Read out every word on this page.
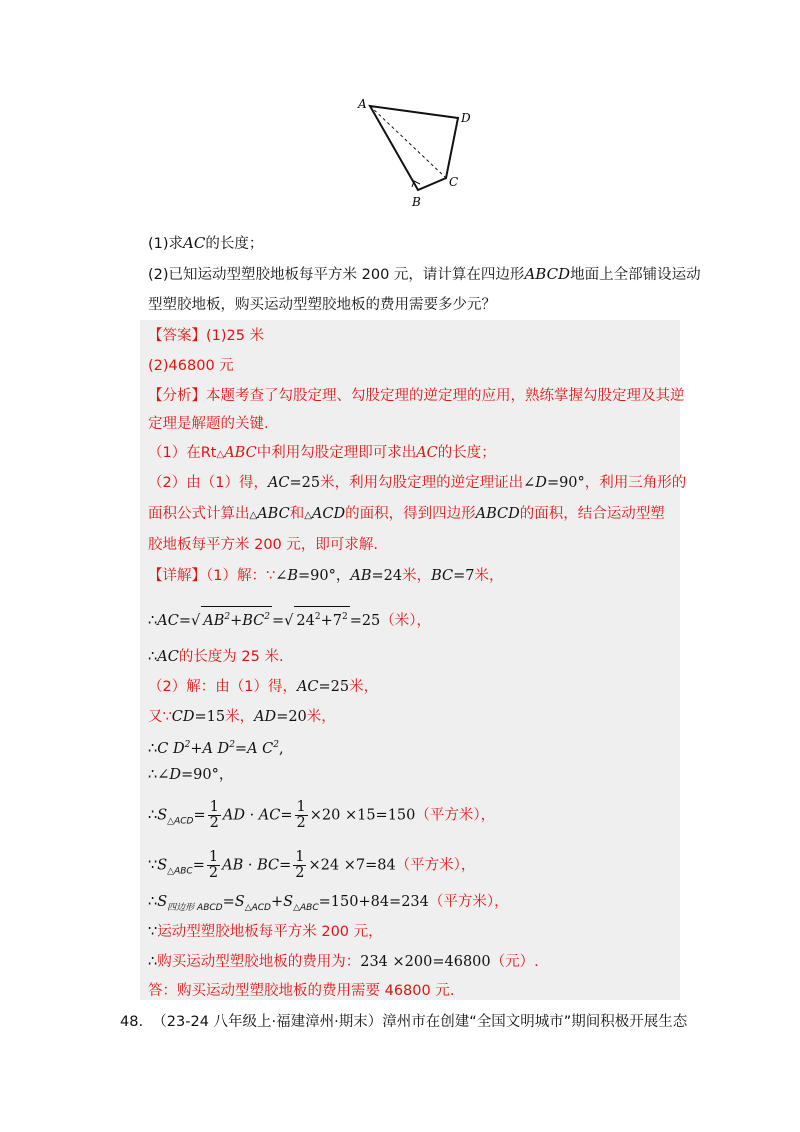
A
B
C
D
(1)求AC的长度；
(2)已知运动型塑胶地板每平方米 200 元，请计算在四边形ABCD地面上全部铺设运动
型塑胶地板，购买运动型塑胶地板的费用需要多少元？
【答案】(1)25 米
(2)46800 元
【分析】本题考查了勾股定理、勾股定理的逆定理的应用，熟练掌握勾股定理及其逆
定理是解题的关键.
（1）在Rt△ABC中利用勾股定理即可求出AC的长度；
（2）由（1）得，AC=25米，利用勾股定理的逆定理证出∠D=90°，利用三角形的
面积公式计算出△ABC和△ACD的面积，得到四边形ABCD的面积，结合运动型塑
胶地板每平方米 200 元，即可求解.
【详解】（1）解：∵∠B=90°，AB=24米，BC=7米，
∴AC=√ $AB^2+BC^2$ =√ $24^2+7^2 =25$（米），
∴AC的长度为 25 米.
（2）解：由（1）得，AC=25米，
又∵CD=15米，AD=20米，
∴C $D^2+A$ $D^2=A$ $C^2$,
∴∠D=90°，
$\therefore S_{\triangle ACD}= \frac{1}{2}$ AD · $AC= \frac{1}{2} \times 20 \times 15=150$（平方米），
$\because S_{\triangle ABC}= \frac{1}{2}$ AB · $BC= \frac{1}{2} \times 24 \times 7=84$（平方米），
$\therefore S_{四边形}$ $_{ABCD}=S_{\triangle ACD}+S_{\triangle ABC}=150+84=234$（平方米），
∵运动型塑胶地板每平方米 200 元，
∴购买运动型塑胶地板的费用为：234 ×200=46800（元）.
答：购买运动型塑胶地板的费用需要 46800 元.
48. （23-24 八年级上·福建漳州·期末）漳州市在创建“全国文明城市”期间积极开展生态
